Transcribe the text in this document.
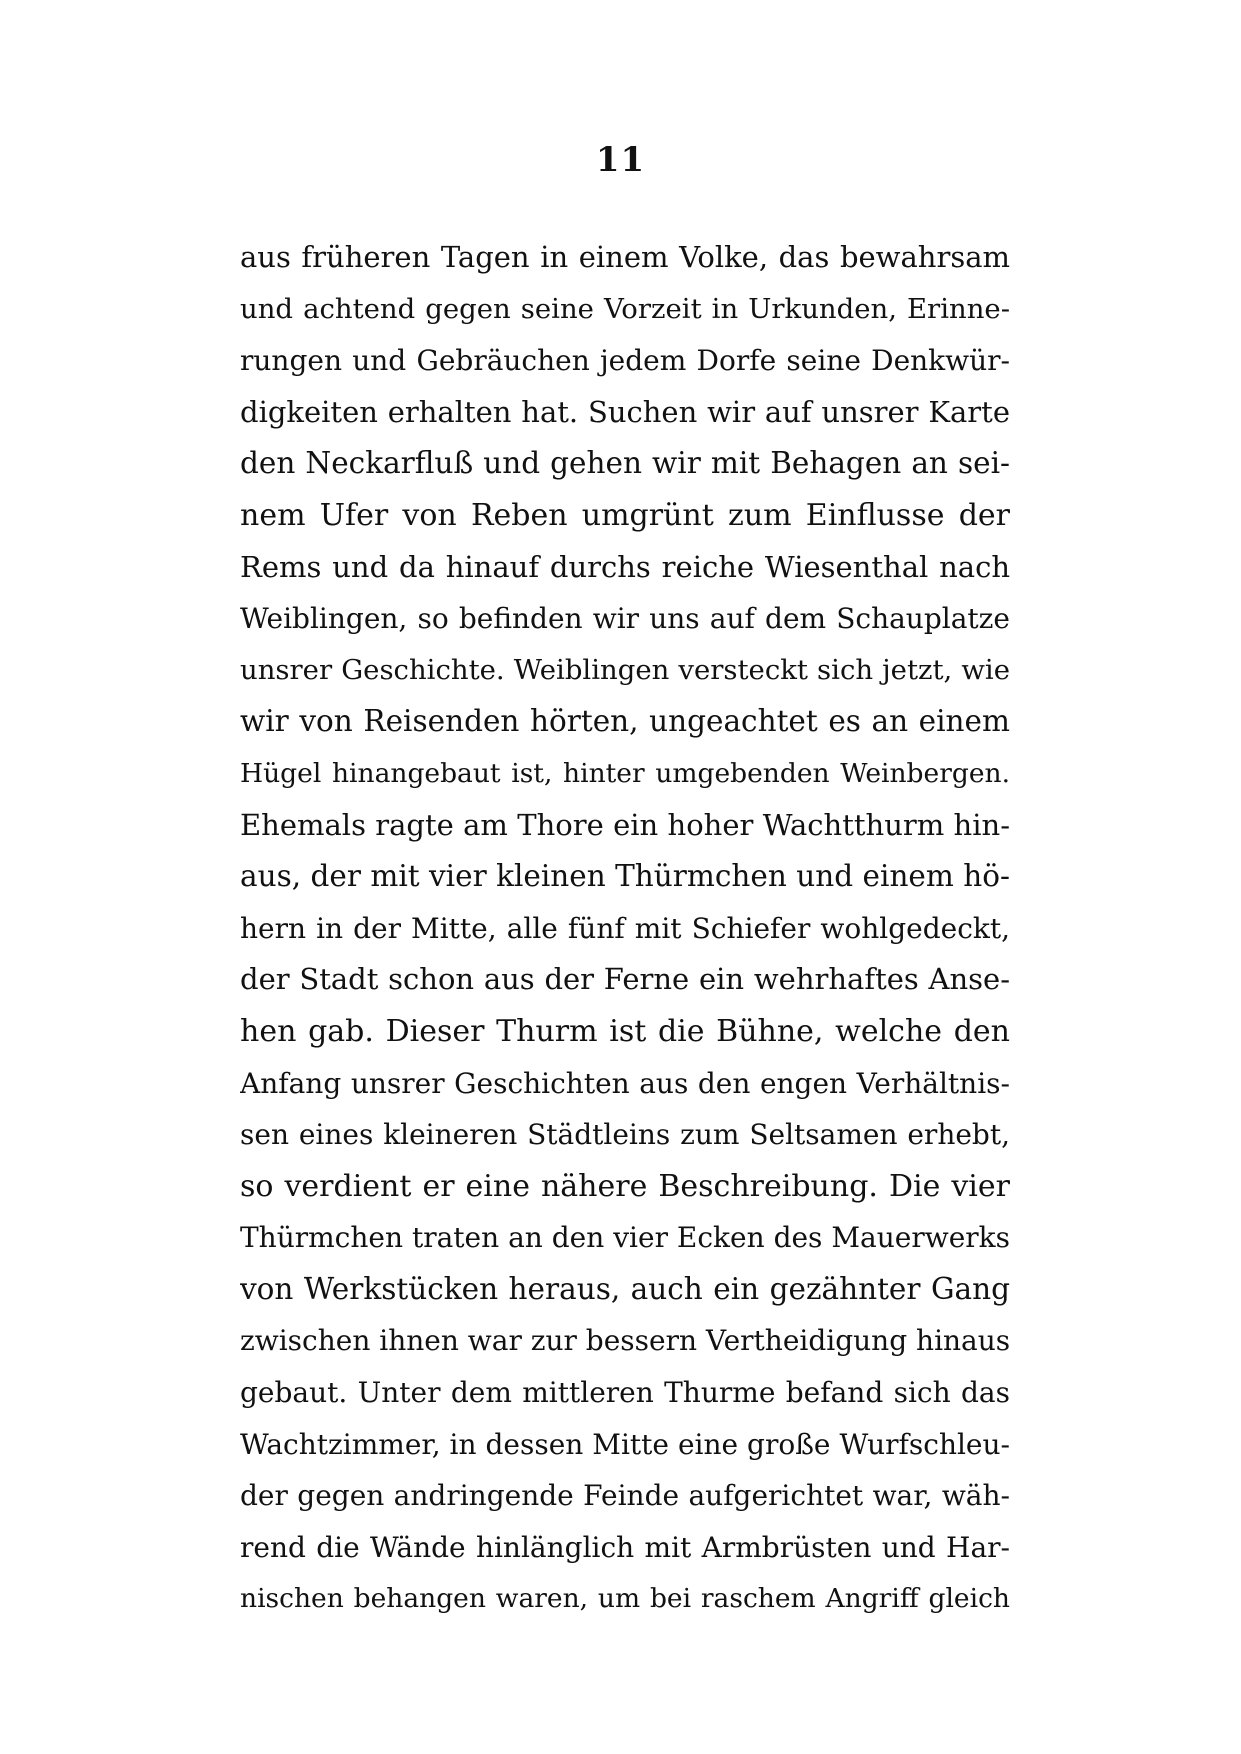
11
aus früheren Tagen in einem Volke, das bewahrsam
und achtend gegen seine Vorzeit in Urkunden, Erinne-
rungen und Gebräuchen jedem Dorfe seine Denkwür-
digkeiten erhalten hat. Suchen wir auf unsrer Karte
den Neckarfluß und gehen wir mit Behagen an sei-
nem Ufer von Reben umgrünt zum Einflusse der
Rems und da hinauf durchs reiche Wiesenthal nach
Weiblingen, so befinden wir uns auf dem Schauplatze
unsrer Geschichte. Weiblingen versteckt sich jetzt, wie
wir von Reisenden hörten, ungeachtet es an einem
Hügel hinangebaut ist, hinter umgebenden Weinbergen.
Ehemals ragte am Thore ein hoher Wachtthurm hin-
aus, der mit vier kleinen Thürmchen und einem hö-
hern in der Mitte, alle fünf mit Schiefer wohlgedeckt,
der Stadt schon aus der Ferne ein wehrhaftes Anse-
hen gab. Dieser Thurm ist die Bühne, welche den
Anfang unsrer Geschichten aus den engen Verhältnis-
sen eines kleineren Städtleins zum Seltsamen erhebt,
so verdient er eine nähere Beschreibung. Die vier
Thürmchen traten an den vier Ecken des Mauerwerks
von Werkstücken heraus, auch ein gezähnter Gang
zwischen ihnen war zur bessern Vertheidigung hinaus
gebaut. Unter dem mittleren Thurme befand sich das
Wachtzimmer, in dessen Mitte eine große Wurfschleu-
der gegen andringende Feinde aufgerichtet war, wäh-
rend die Wände hinlänglich mit Armbrüsten und Har-
nischen behangen waren, um bei raschem Angriff gleich
